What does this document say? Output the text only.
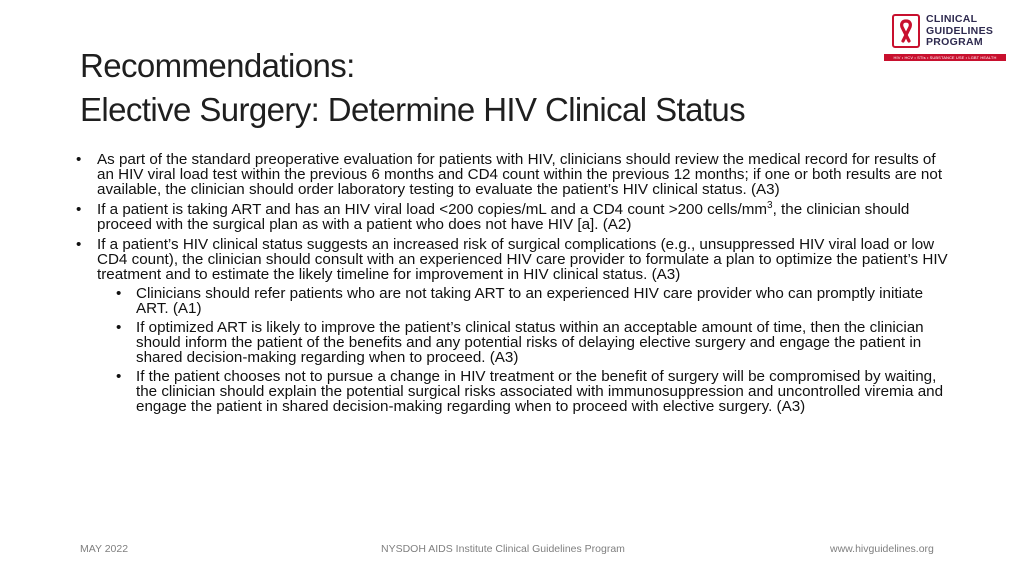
Recommendations:
Elective Surgery: Determine HIV Clinical Status
CLINICAL
GUIDELINES
PROGRAM
HIV • HCV • STIs • SUBSTANCE USE • LGBT HEALTH
• As part of the standard preoperative evaluation for patients with HIV, clinicians should review the medical record for results of an HIV viral load test within the previous 6 months and CD4 count within the previous 12 months; if one or both results are not available, the clinician should order laboratory testing to evaluate the patient’s HIV clinical status. (A3)
• If a patient is taking ART and has an HIV viral load <200 copies/mL and a CD4 count >200 cells/$mm^3$, the clinician should proceed with the surgical plan as with a patient who does not have HIV [a]. (A2)
• If a patient’s HIV clinical status suggests an increased risk of surgical complications (e.g., unsuppressed HIV viral load or low CD4 count), the clinician should consult with an experienced HIV care provider to formulate a plan to optimize the patient’s HIV treatment and to estimate the likely timeline for improvement in HIV clinical status. (A3)
• Clinicians should refer patients who are not taking ART to an experienced HIV care provider who can promptly initiate ART. (A1)
• If optimized ART is likely to improve the patient’s clinical status within an acceptable amount of time, then the clinician should inform the patient of the benefits and any potential risks of delaying elective surgery and engage the patient in shared decision-making regarding when to proceed. (A3)
• If the patient chooses not to pursue a change in HIV treatment or the benefit of surgery will be compromised by waiting, the clinician should explain the potential surgical risks associated with immunosuppression and uncontrolled viremia and engage the patient in shared decision-making regarding when to proceed with elective surgery. (A3)
MAY 2022	NYSDOH AIDS Institute Clinical Guidelines Program	www.hivguidelines.org
